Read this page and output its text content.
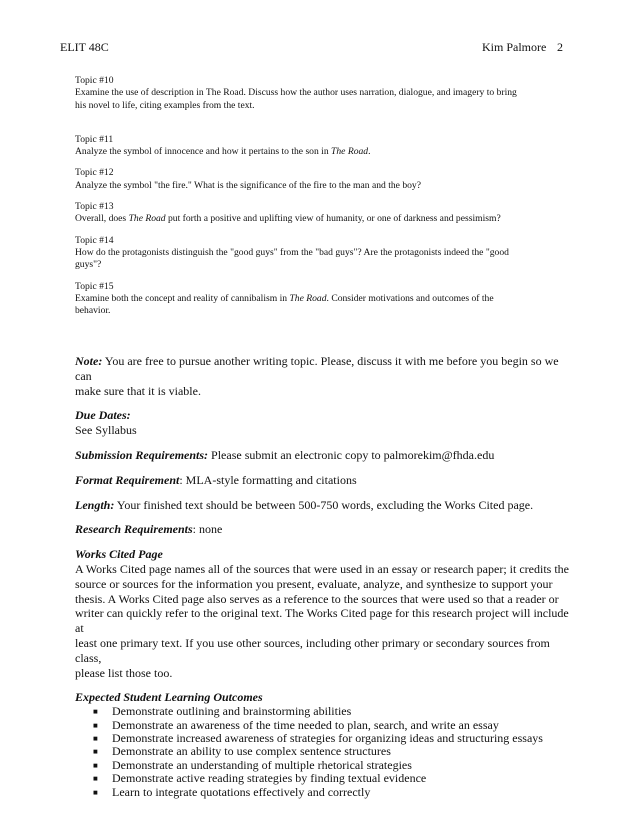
ELIT 48C	Kim Palmore 2

Topic #10

Examine the use of description in The Road. Discuss how the author uses narration, dialogue, and imagery to bring

his novel to life, citing examples from the text.

Topic #11

Analyze the symbol of innocence and how it pertains to the son in The Road.

Topic #12

Analyze the symbol "the fire." What is the significance of the fire to the man and the boy?

Topic #13

Overall, does The Road put forth a positive and uplifting view of humanity, or one of darkness and pessimism?

Topic #14

How do the protagonists distinguish the "good guys" from the "bad guys"? Are the protagonists indeed the "good

guys"?

Topic #15

Examine both the concept and reality of cannibalism in The Road. Consider motivations and outcomes of the

behavior.

Note: You are free to pursue another writing topic. Please, discuss it with me before you begin so we can

make sure that it is viable.

Due Dates:

See Syllabus

Submission Requirements: Please submit an electronic copy to palmorekim@fhda.edu

Format Requirement: MLA-style formatting and citations

Length: Your finished text should be between 500-750 words, excluding the Works Cited page.

Research Requirements: none

Works Cited Page

A Works Cited page names all of the sources that were used in an essay or research paper; it credits the

source or sources for the information you present, evaluate, analyze, and synthesize to support your

thesis. A Works Cited page also serves as a reference to the sources that were used so that a reader or

writer can quickly refer to the original text. The Works Cited page for this research project will include at

least one primary text. If you use other sources, including other primary or secondary sources from class,

please list those too.

Expected Student Learning Outcomes

■ Demonstrate outlining and brainstorming abilities
■ Demonstrate an awareness of the time needed to plan, search, and write an essay
■ Demonstrate increased awareness of strategies for organizing ideas and structuring essays
■ Demonstrate an ability to use complex sentence structures
■ Demonstrate an understanding of multiple rhetorical strategies
■ Demonstrate active reading strategies by finding textual evidence
■ Learn to integrate quotations effectively and correctly
